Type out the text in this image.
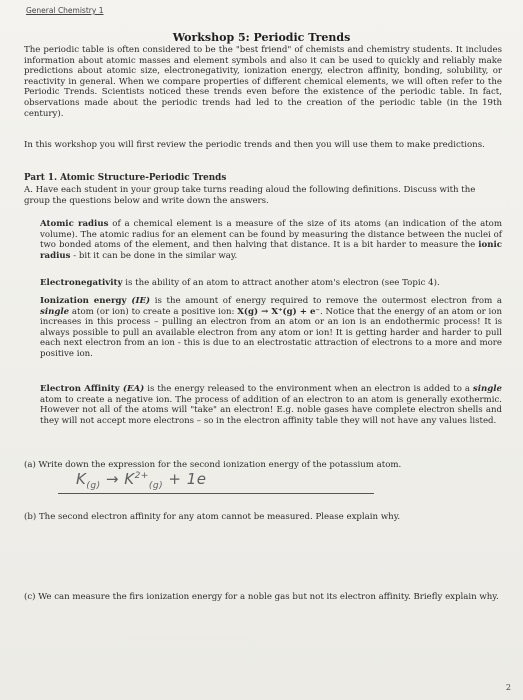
General Chemistry 1
Workshop 5: Periodic Trends

The periodic table is often considered to be the "best friend" of chemists and chemistry students. It includes information about atomic masses and element symbols and also it can be used to quickly and reliably make predictions about atomic size, electronegativity, ionization energy, electron affinity, bonding, solubility, or reactivity in general. When we compare properties of different chemical elements, we will often refer to the Periodic Trends. Scientists noticed these trends even before the existence of the periodic table. In fact, observations made about the periodic trends had led to the creation of the periodic table (in the 19th century).

In this workshop you will first review the periodic trends and then you will use them to make predictions.

Part 1. Atomic Structure-Periodic Trends

A. Have each student in your group take turns reading aloud the following definitions. Discuss with the group the questions below and write down the answers.

Atomic radius of a chemical element is a measure of the size of its atoms (an indication of the atom volume). The atomic radius for an element can be found by measuring the distance between the nuclei of two bonded atoms of the element, and then halving that distance. It is a bit harder to measure the ionic radius - bit it can be done in the similar way.

Electronegativity is the ability of an atom to attract another atom's electron (see Topic 4).

Ionization energy (IE) is the amount of energy required to remove the outermost electron from a single atom (or ion) to create a positive ion: X(g) → X⁺(g) + e⁻. Notice that the energy of an atom or ion increases in this process – pulling an electron from an atom or an ion is an endothermic process! It is always possible to pull an available electron from any atom or ion! It is getting harder and harder to pull each next electron from an ion - this is due to an electrostatic attraction of electrons to a more and more positive ion.

Electron Affinity (EA) is the energy released to the environment when an electron is added to a single atom to create a negative ion. The process of addition of an electron to an atom is generally exothermic. However not all of the atoms will "take" an electron! E.g. noble gases have complete electron shells and they will not accept more electrons – so in the electron affinity table they will not have any values listed.

(a) Write down the expression for the second ionization energy of the potassium atom.

$K_{(g)} \to K^{2+}_{(g)} + 1e$

(b) The second electron affinity for any atom cannot be measured. Please explain why.

(c) We can measure the firs ionization energy for a noble gas but not its electron affinity. Briefly explain why.

2
